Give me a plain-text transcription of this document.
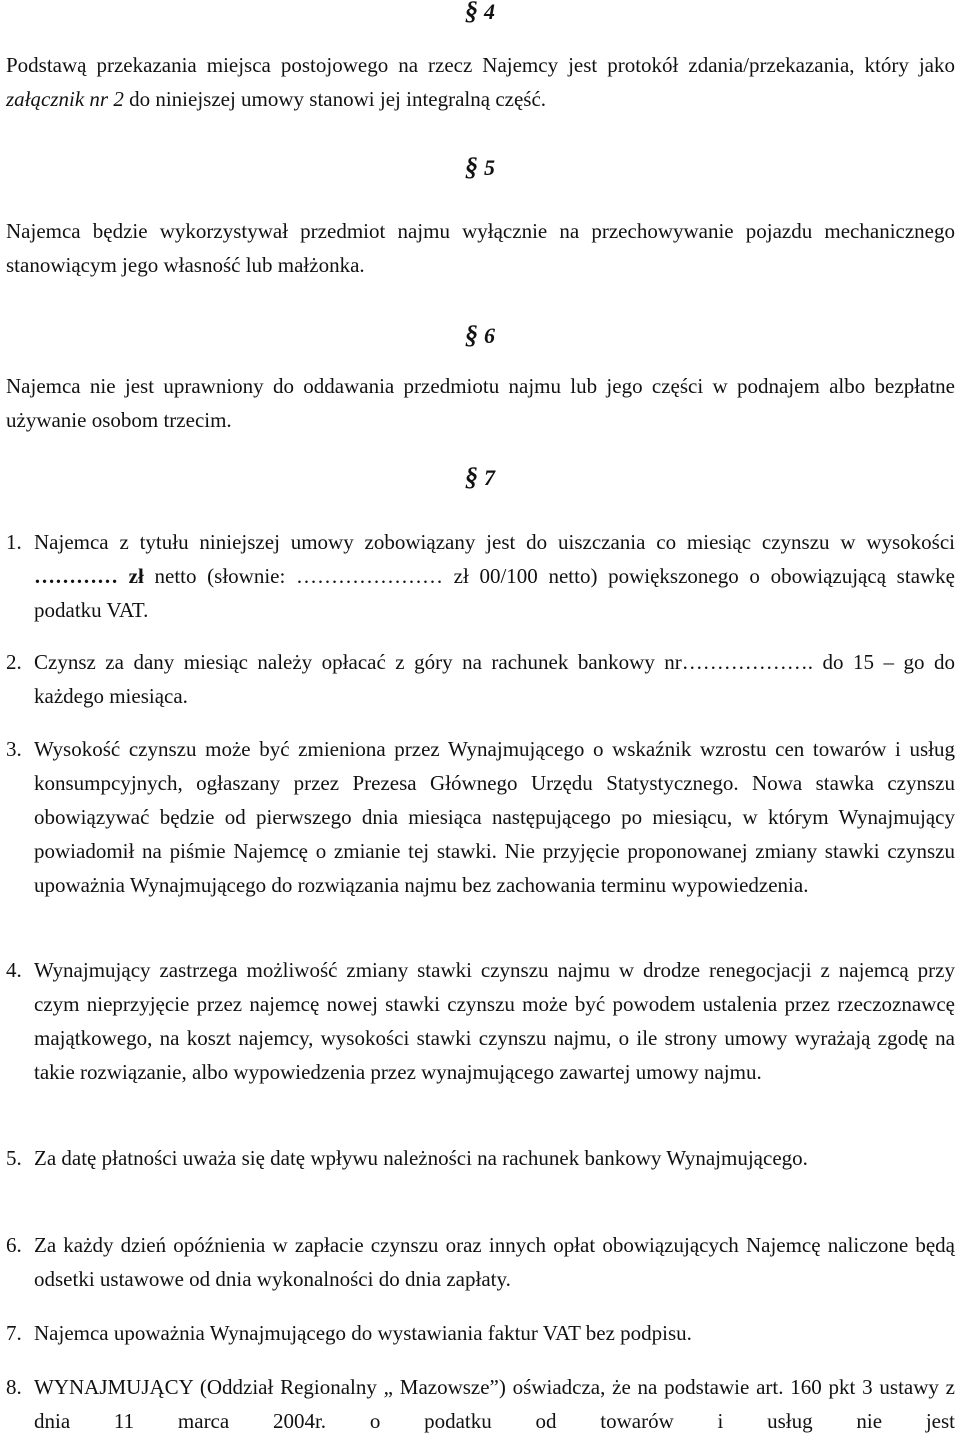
§ 4
Podstawą przekazania miejsca postojowego na rzecz Najemcy jest protokół zdania/przekazania, który jako załącznik nr 2 do niniejszej umowy stanowi jej integralną część.
§ 5
Najemca będzie wykorzystywał przedmiot najmu wyłącznie na przechowywanie pojazdu mechanicznego stanowiącym jego własność lub małżonka.
§ 6
Najemca nie jest uprawniony do oddawania przedmiotu najmu lub jego części w podnajem albo bezpłatne używanie osobom trzecim.
§ 7
1. Najemca z tytułu niniejszej umowy zobowiązany jest do uiszczania co miesiąc czynszu w wysokości ………… zł netto (słownie: ………………… zł 00/100 netto) powiększonego o obowiązującą stawkę podatku VAT.
2. Czynsz za dany miesiąc należy opłacać z góry na rachunek bankowy nr………………. do 15 – go do każdego miesiąca.
3. Wysokość czynszu może być zmieniona przez Wynajmującego o wskaźnik wzrostu cen towarów i usług konsumpcyjnych, ogłaszany przez Prezesa Głównego Urzędu Statystycznego. Nowa stawka czynszu obowiązywać będzie od pierwszego dnia miesiąca następującego po miesiącu, w którym Wynajmujący powiadomił na piśmie Najemcę o zmianie tej stawki. Nie przyjęcie proponowanej zmiany stawki czynszu upoważnia Wynajmującego do rozwiązania najmu bez zachowania terminu wypowiedzenia.
4. Wynajmujący zastrzega możliwość zmiany stawki czynszu najmu w drodze renegocjacji z najemcą przy czym nieprzyjęcie przez najemcę nowej stawki czynszu może być powodem ustalenia przez rzeczoznawcę majątkowego, na koszt najemcy, wysokości stawki czynszu najmu, o ile strony umowy wyrażają zgodę na takie rozwiązanie, albo wypowiedzenia przez wynajmującego zawartej umowy najmu.
5. Za datę płatności uważa się datę wpływu należności na rachunek bankowy Wynajmującego.
6. Za każdy dzień opóźnienia w zapłacie czynszu oraz innych opłat obowiązujących Najemcę naliczone będą odsetki ustawowe od dnia wykonalności do dnia zapłaty.
7. Najemca upoważnia Wynajmującego do wystawiania faktur VAT bez podpisu.
8. WYNAJMUJĄCY (Oddział Regionalny „ Mazowsze”) oświadcza, że na podstawie art. 160 pkt 3 ustawy z dnia 11 marca 2004r. o podatku od towarów i usług nie jest
